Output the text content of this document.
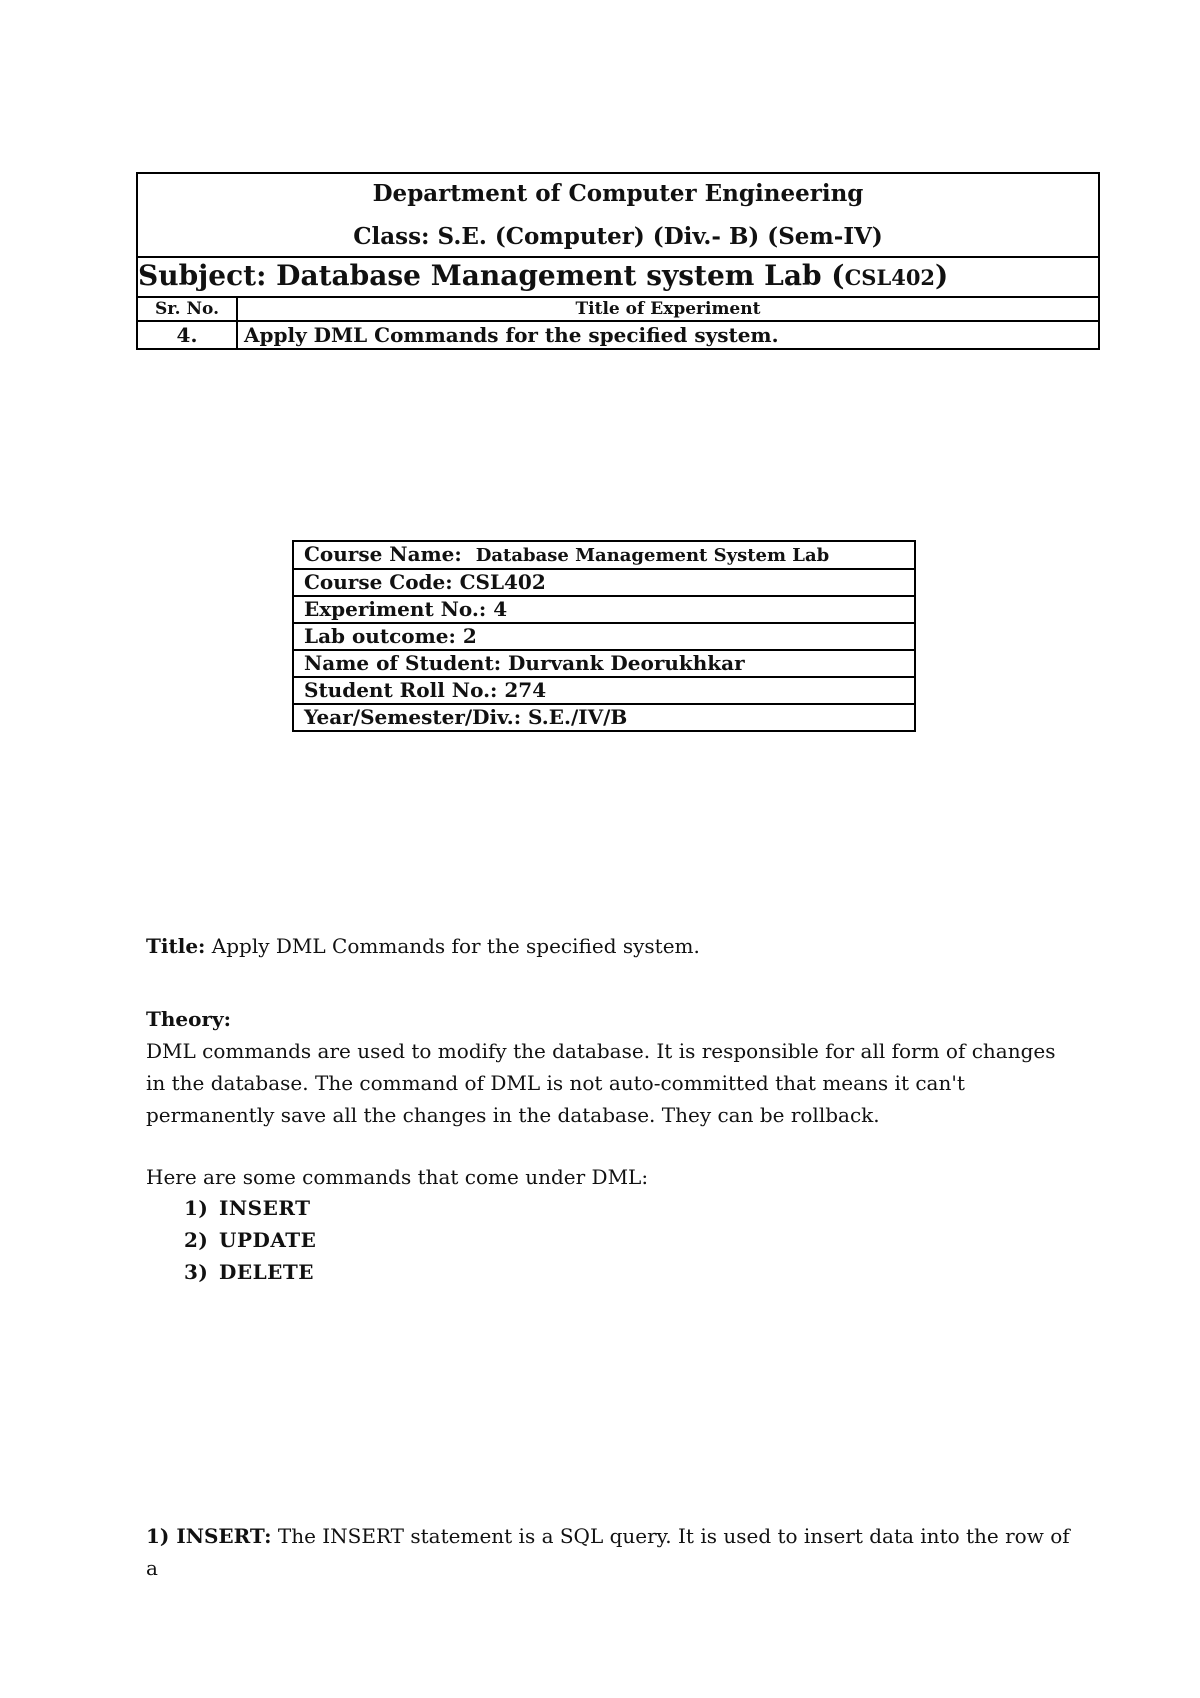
Department of Computer Engineering
Class: S.E. (Computer) (Div.- B) (Sem-IV)	

Subject: Database Management system Lab (CSL402)	
Sr. No.	Title of Experiment
4.	Apply DML Commands for the specified system.
Course Name: Database Management System Lab
Course Code: CSL402
Experiment No.: 4
Lab outcome: 2
Name of Student: Durvank Deorukhkar
Student Roll No.: 274
Year/Semester/Div.: S.E./IV/B
Title: Apply DML Commands for the specified system.
Theory:
DML commands are used to modify the database. It is responsible for all form of changes in the database. The command of DML is not auto-committed that means it can't permanently save all the changes in the database. They can be rollback.
Here are some commands that come under DML:
1) INSERT
2) UPDATE
3) DELETE
1) INSERT: The INSERT statement is a SQL query. It is used to insert data into the row of a
